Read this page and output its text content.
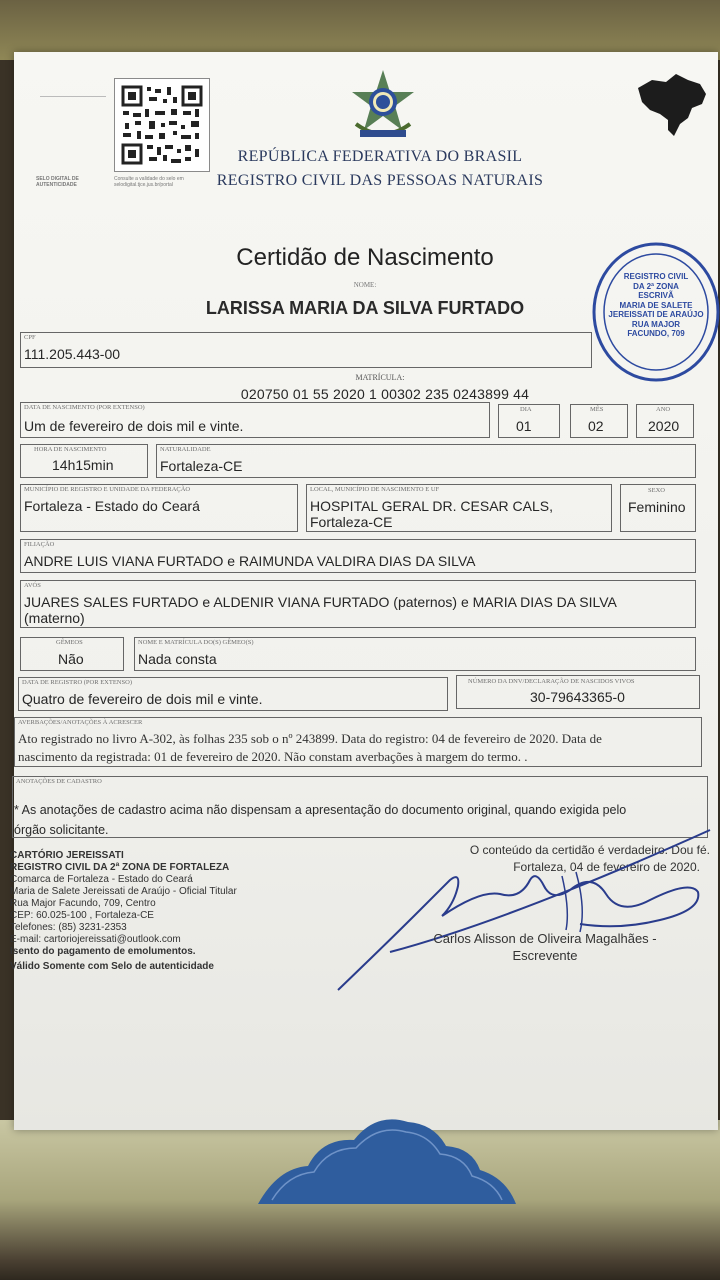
SELO DIGITAL DE AUTENTICIDADE
Consulte a validade do selo em selodigital.tjce.jus.br/portal
REPÚBLICA FEDERATIVA DO BRASIL
REGISTRO CIVIL DAS PESSOAS NATURAIS
Certidão de Nascimento
NOME:
LARISSA MARIA DA SILVA FURTADO
REGISTRO CIVIL
DA 2ª ZONA
ESCRIVÃ
MARIA DE SALETE
JEREISSATI DE ARAÚJO
RUA MAJOR
FACUNDO, 709
CPF
111.205.443-00
MATRÍCULA:
020750 01 55 2020 1 00302 235 0243899 44
DATA DE NASCIMENTO (POR EXTENSO)
Um de fevereiro de dois mil e vinte.
DIA
01
MÊS
02
ANO
2020
HORA DE NASCIMENTO
14h15min
NATURALIDADE
Fortaleza-CE
MUNICÍPIO DE REGISTRO E UNIDADE DA FEDERAÇÃO
Fortaleza - Estado do Ceará
LOCAL, MUNICÍPIO DE NASCIMENTO E UF
HOSPITAL GERAL DR. CESAR CALS,
Fortaleza-CE
SEXO
Feminino
FILIAÇÃO
ANDRE LUIS VIANA FURTADO e RAIMUNDA VALDIRA DIAS DA SILVA
AVÓS
JUARES SALES FURTADO e ALDENIR VIANA FURTADO (paternos) e MARIA DIAS DA SILVA
(materno)
GÊMEOS
Não
NOME E MATRÍCULA DO(S) GÊMEO(S)
Nada consta
DATA DE REGISTRO (POR EXTENSO)
Quatro de fevereiro de dois mil e vinte.
NÚMERO DA DNV/DECLARAÇÃO DE NASCIDOS VIVOS
30-79643365-0
AVERBAÇÕES/ANOTAÇÕES À ACRESCER
Ato registrado no livro A-302, às folhas 235 sob o nº 243899. Data do registro: 04 de fevereiro de 2020. Data de
nascimento da registrada: 01 de fevereiro de 2020. Não constam averbações à margem do termo. .
ANOTAÇÕES DE CADASTRO
* As anotações de cadastro acima não dispensam a apresentação do documento original, quando exigida pelo
órgão solicitante.
CARTÓRIO JEREISSATI
REGISTRO CIVIL DA 2ª ZONA DE FORTALEZA
Comarca de Fortaleza - Estado do Ceará
Maria de Salete Jereissati de Araújo - Oficial Titular
Rua Major Facundo, 709, Centro
CEP: 60.025-100 , Fortaleza-CE
Telefones: (85) 3231-2353
E-mail: cartoriojereissati@outlook.com
Isento do pagamento de emolumentos.
Válido Somente com Selo de autenticidade
O conteúdo da certidão é verdadeiro. Dou fé.
Fortaleza, 04 de fevereiro de 2020.
Carlos Alisson de Oliveira Magalhães -
Escrevente
